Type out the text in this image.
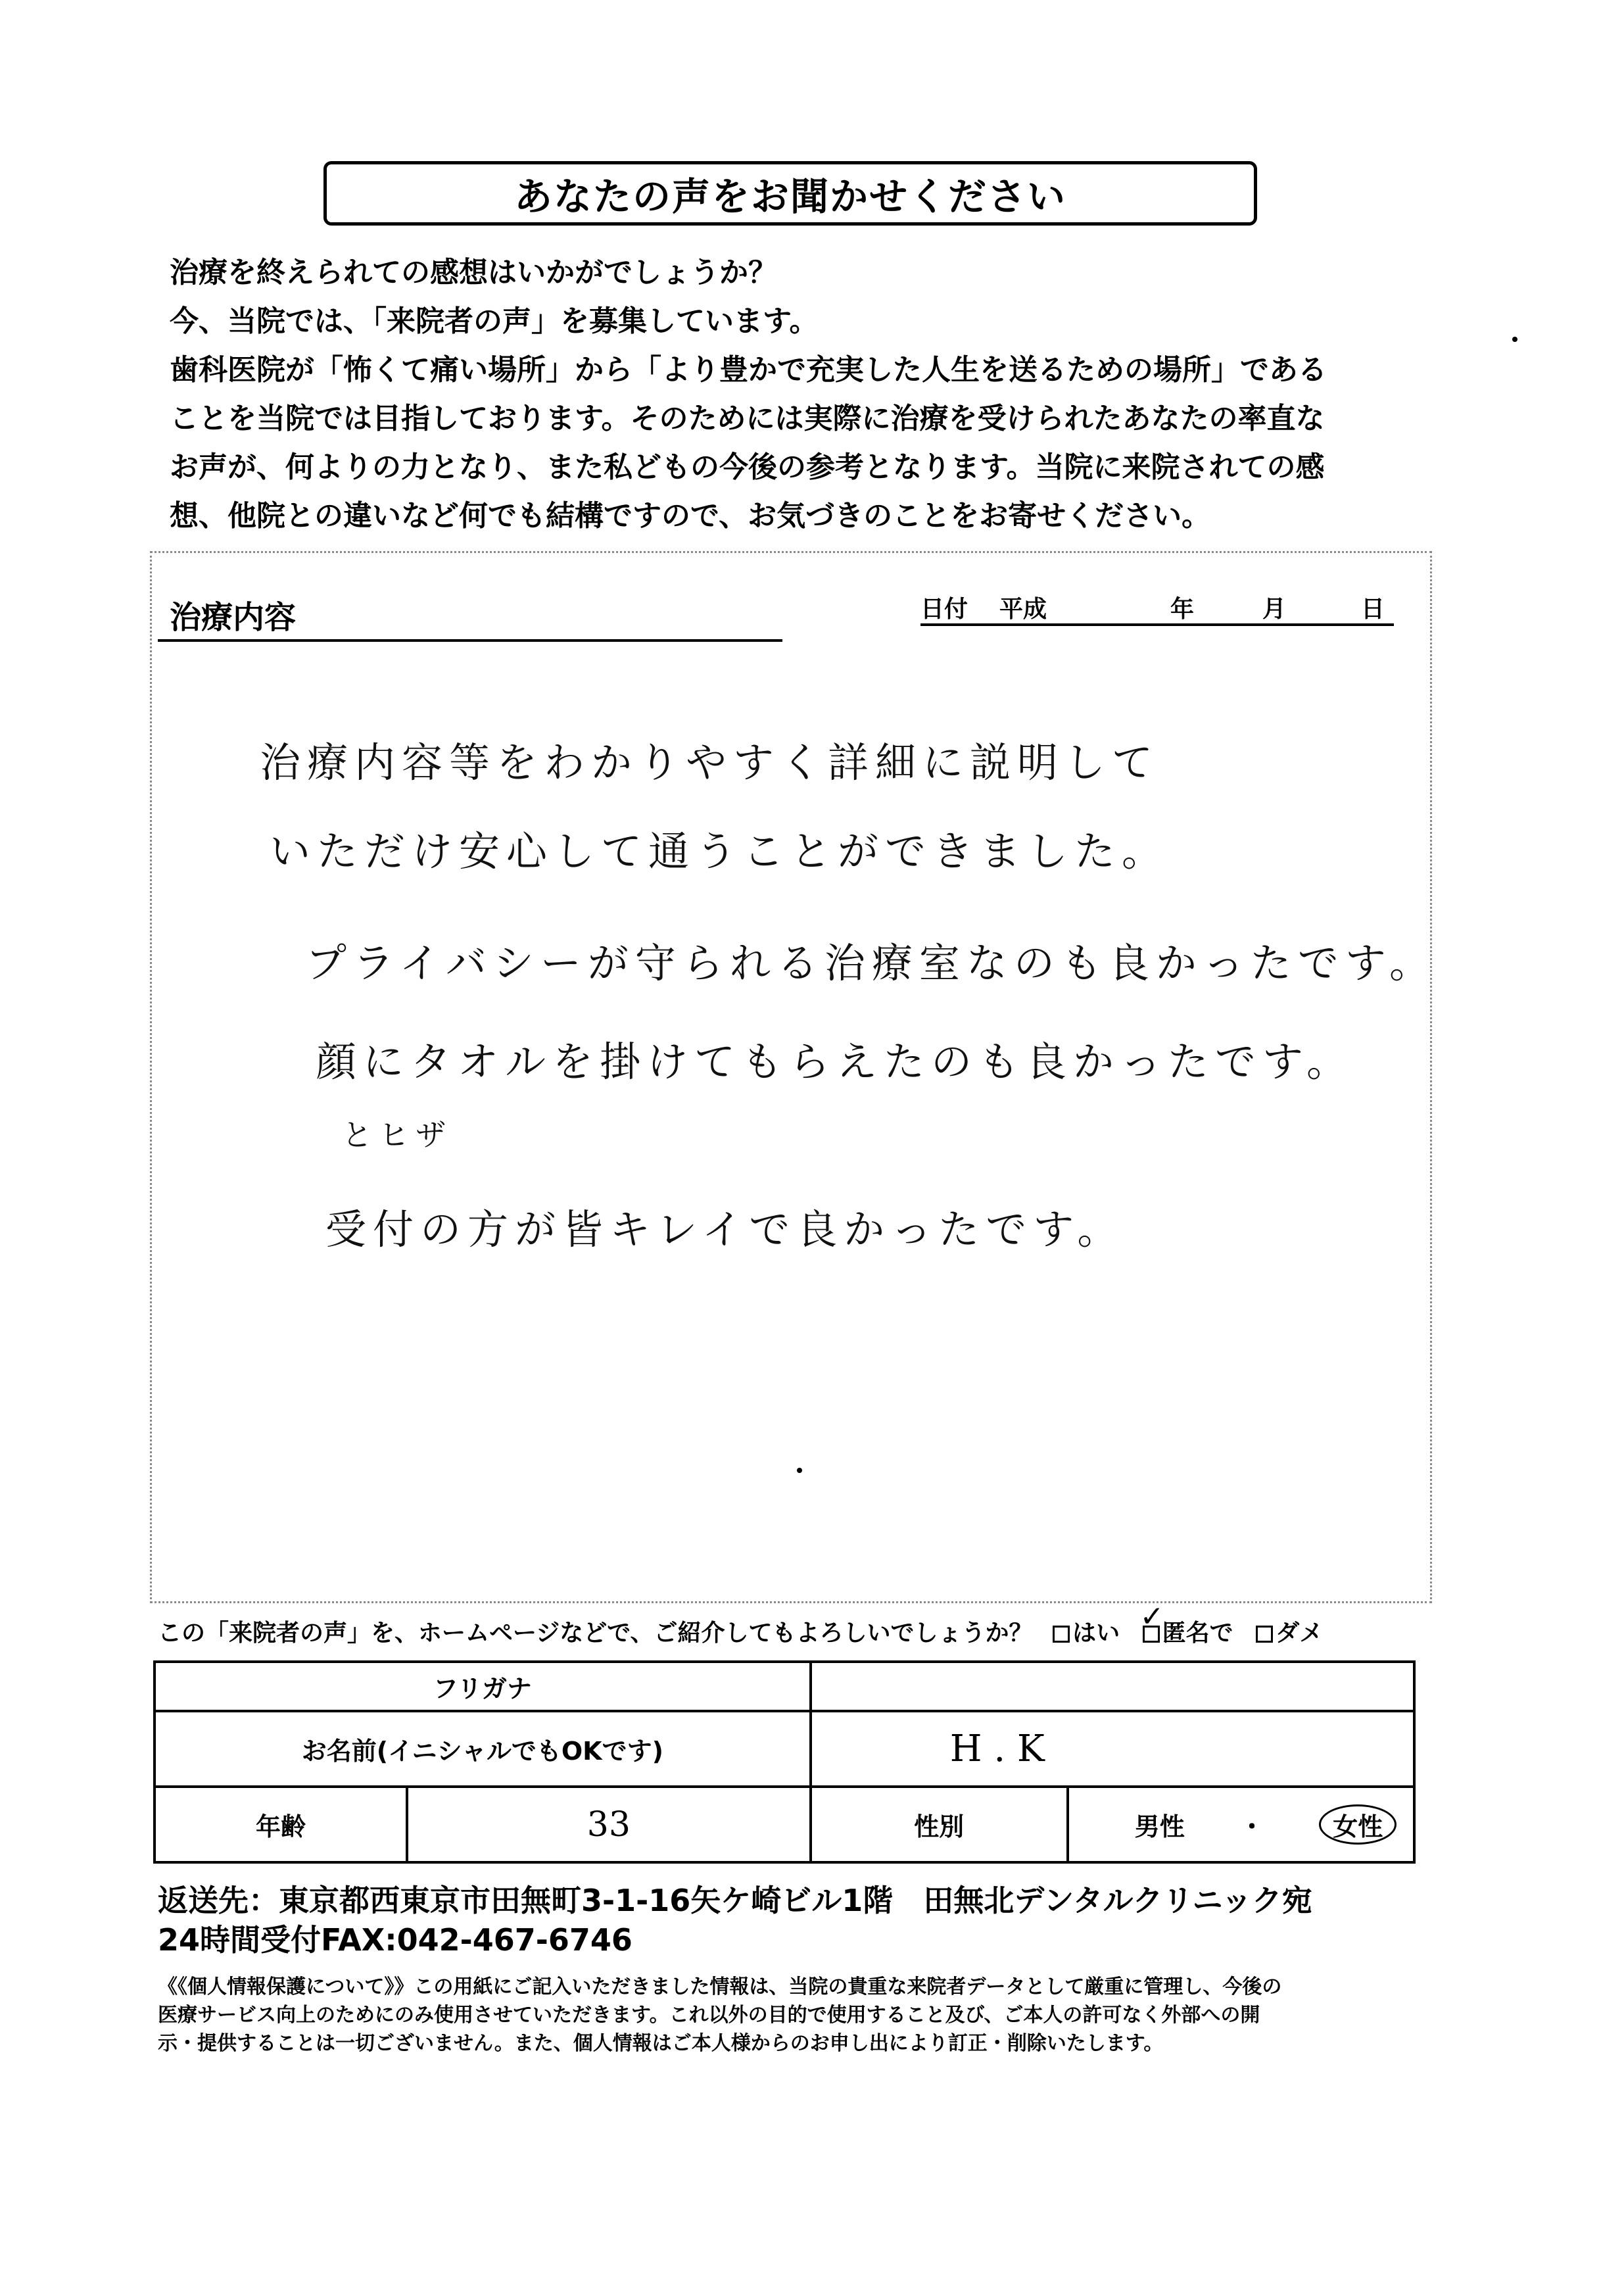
あなたの声をお聞かせください

治療を終えられての感想はいかがでしょうか？

今、当院では、「来院者の声」を募集しています。

歯科医院が「怖くて痛い場所」から「より豊かで充実した人生を送るための場所」である

ことを当院では目指しております。そのためには実際に治療を受けられたあなたの率直な

お声が、何よりの力となり、また私どもの今後の参考となります。当院に来院されての感

想、他院との違いなど何でも結構ですので、お気づきのことをお寄せください。

治療内容	日付 平成	年	月	日
治療内容等をわかりやすく詳細に説明して
いただけ安心して通うことができました。
プライバシーが守られる治療室なのも良かったです。
顔にタオルを掛けてもらえたのも良かったです。
とヒザ
受付の方が皆キレイで良かったです。
この「来院者の声」を、ホームページなどで、ご紹介してもよろしいでしょうか？ はい ✓
匿名で ダメ
フリガナ			
お名前(イニシャルでもOKです)		H . K	
年齢	33	性別	男性 ・ 女性

返送先：東京都西東京市田無町3-1-16矢ケ崎ビル1階　田無北デンタルクリニック宛

24時間受付FAX:042-467-6746

《《個人情報保護について》》この用紙にご記入いただきました情報は、当院の貴重な来院者データとして厳重に管理し、今後の

医療サービス向上のためにのみ使用させていただきます。これ以外の目的で使用すること及び、ご本人の許可なく外部への開

示・提供することは一切ございません。また、個人情報はご本人様からのお申し出により訂正・削除いたします。
